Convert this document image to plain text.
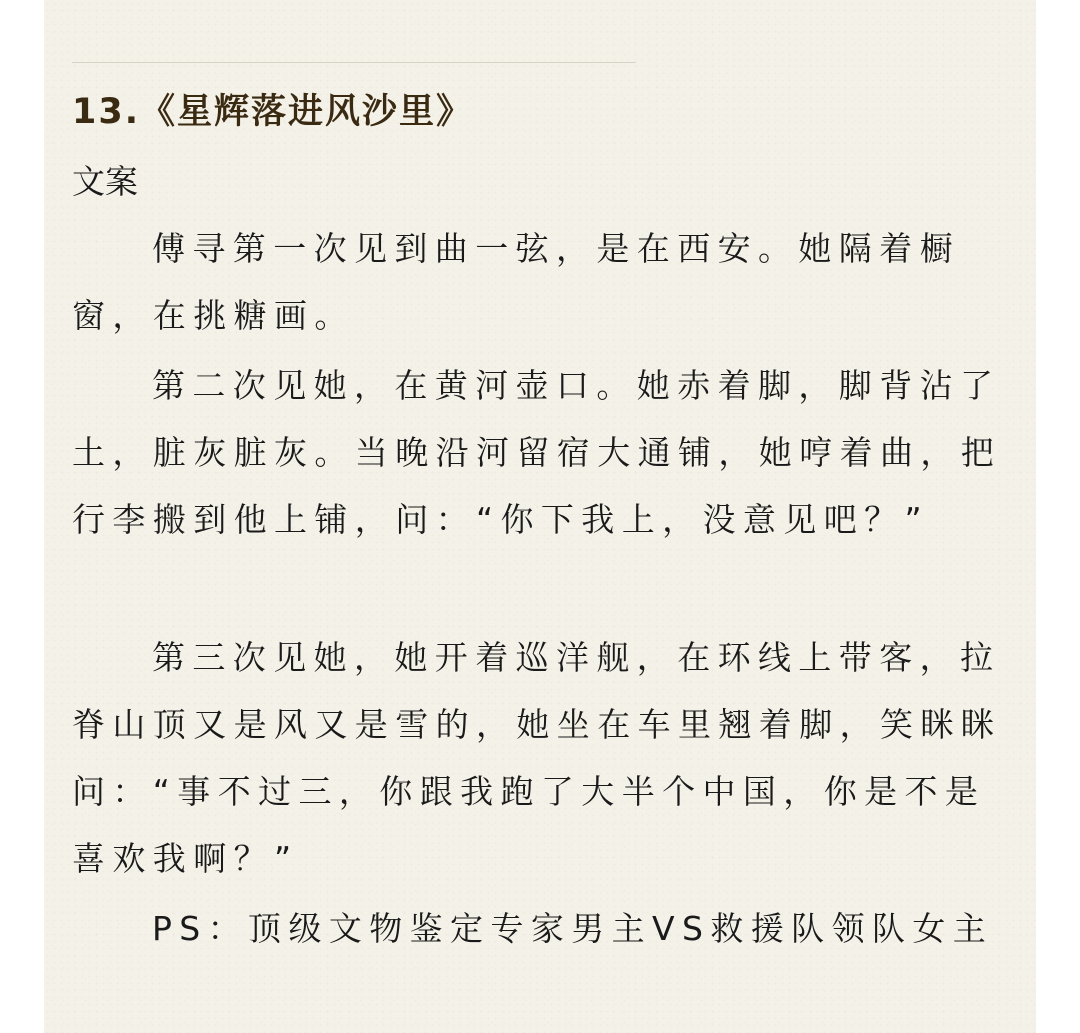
13.《星辉落进风沙里》
文案

傅寻第一次见到曲一弦，是在西安。她隔着橱窗，在挑糖画。

第二次见她，在黄河壶口。她赤着脚，脚背沾了土，脏灰脏灰。当晚沿河留宿大通铺，她哼着曲，把行李搬到他上铺，问：“你下我上，没意见吧？”

第三次见她，她开着巡洋舰，在环线上带客，拉脊山顶又是风又是雪的，她坐在车里翘着脚，笑眯眯问：“事不过三，你跟我跑了大半个中国，你是不是喜欢我啊？”

PS：顶级文物鉴定专家男主VS救援队领队女主
